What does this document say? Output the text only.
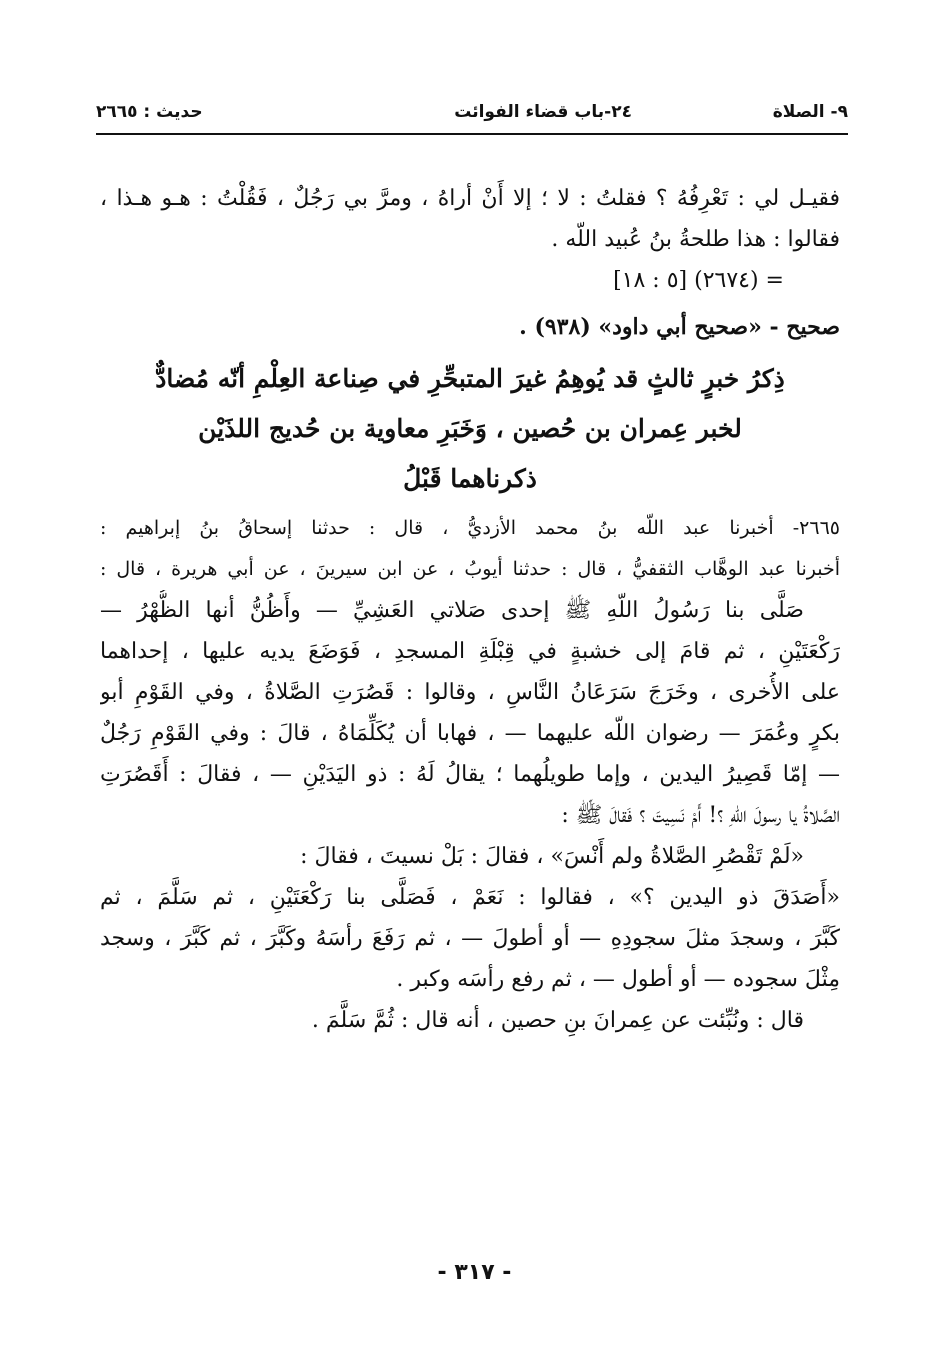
٩- الصلاة
٢٤-باب قضاء الفوائت
حديث : ٢٦٦٥
فقيـل لي : تَعْرِفُهُ ؟ فقلتُ : لا ؛ إلا أَنْ أراهُ ، ومرَّ بي رَجُلٌ ، فَقُلْتُ : هـو هـذا ،
فقالوا : هذا طلحةُ بنُ عُبيد اللّه .
= (٢٦٧٤) [٥ : ١٨]
صحيح - «صحيح أبي داود» (٩٣٨) .
ذِكرُ خبرٍ ثالثٍ قد يُوهِمُ غيرَ المتبحِّرِ في صِناعة العِلْمِ أنّه مُضادٌّ
لخبر عِمران بن حُصين ، وَخَبَرِ معاوية بن حُديج اللذَيْن
ذكرناهما قَبْلُ
٢٦٦٥- أخبرنا عبد اللّه بنُ محمد الأزديُّ ، قال : حدثنا إسحاقُ بنُ إبراهيم :
أخبرنا عبد الوهَّاب الثقفيُّ ، قال : حدثنا أيوبُ ، عن ابن سيرينَ ، عن أبي هريرة ، قال :
صَلَّى بنا رَسُولُ اللّهِ ﷺ إحدى صَلاتي العَشِيِّ — وأَظُنُّ أنها الظُّهْرُ —
رَكْعَتَيْنِ ، ثم قامَ إلى خشبةٍ في قِبْلَةِ المسجدِ ، فَوَضَعَ يديه عليها ، إحداهما
على الأُخرى ، وخَرَجَ سَرَعَانُ النَّاسِ ، وقالوا : قَصُرَتِ الصَّلاةُ ، وفي القَوْمِ أبو
بكرٍ وعُمَرَ — رضوان اللّه عليهما — ، فهابا أن يُكَلِّمَاهُ ، قالَ : وفي القَوْمِ رَجُلٌ
— إمّا قَصِيرُ اليدين ، وإما طويلُهما ؛ يقالُ لَهُ : ذو اليَدَيْنِ — ، فقالَ : أَقَصُرَتِ
الصَّلاةُ يا رسولَ اللّهِ ؟! أَمْ نَسِيتَ ؟ فَقالَ ﷺ :
«لَمْ تَقْصُرِ الصَّلاةُ ولم أَنْسَ» ، فقالَ : بَلْ نسيتَ ، فقالَ :
«أَصَدَقَ ذو اليدين ؟» ، فقالوا : نَعَمْ ، فَصَلَّى بنا رَكْعَتَيْنِ ، ثم سَلَّمَ ، ثم
كَبَّرَ ، وسجدَ مثلَ سجودِهِ — أو أطولَ — ، ثم رَفَعَ رأسَهُ وكَبَّرَ ، ثم كَبَّرَ ، وسجد
مِثْلَ سجوده — أو أطول — ، ثم رفع رأسَه وكبر .
قال : ونُبِّئت عن عِمرانَ بنِ حصين ، أنه قال : ثُمَّ سَلَّمَ .
- ٣١٧ -
